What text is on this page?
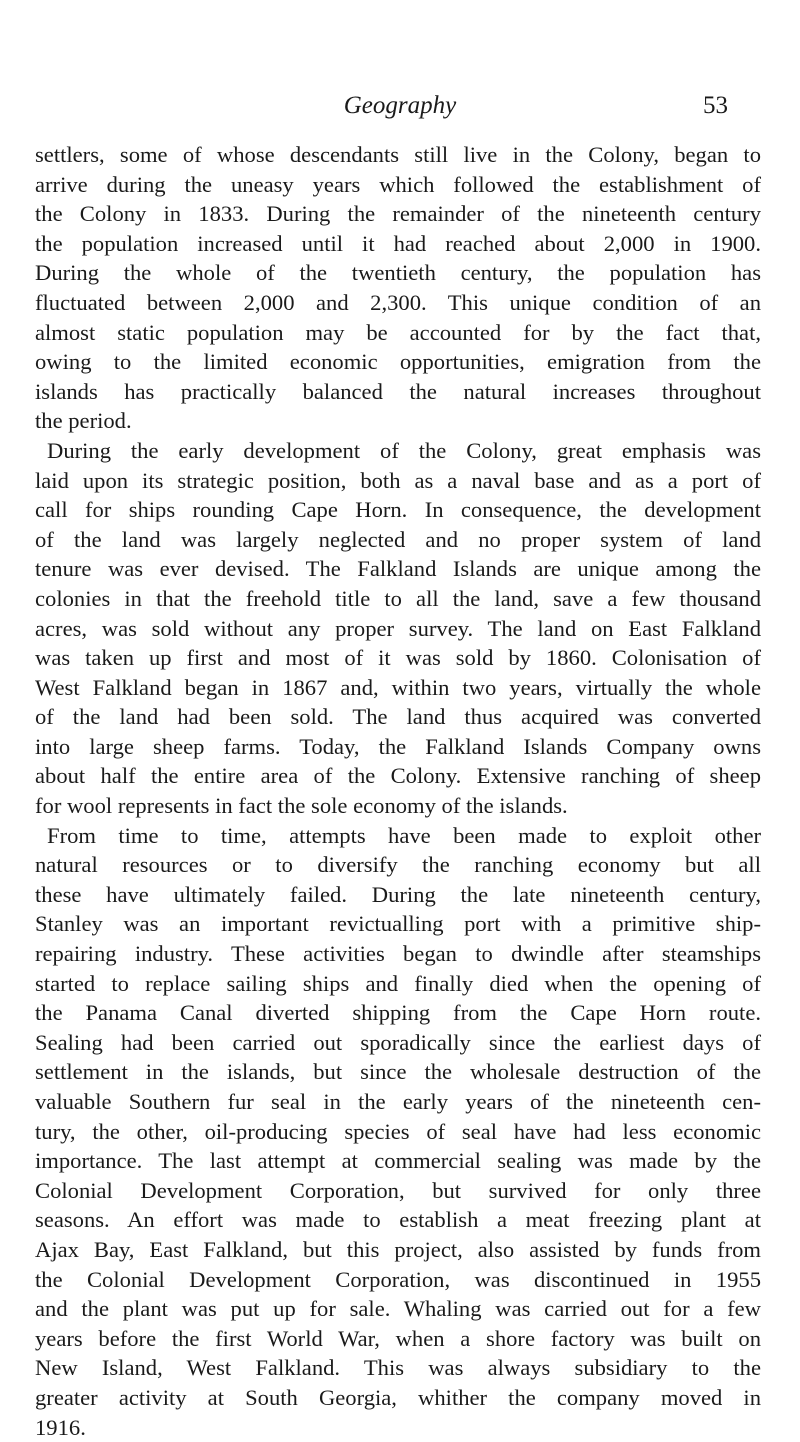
Geography	53
settlers, some of whose descendants still live in the Colony, began to
arrive during the uneasy years which followed the establishment of
the Colony in 1833. During the remainder of the nineteenth century
the population increased until it had reached about 2,000 in 1900.
During the whole of the twentieth century, the population has
fluctuated between 2,000 and 2,300. This unique condition of an
almost static population may be accounted for by the fact that,
owing to the limited economic opportunities, emigration from the
islands has practically balanced the natural increases throughout
the period.
During the early development of the Colony, great emphasis was
laid upon its strategic position, both as a naval base and as a port of
call for ships rounding Cape Horn. In consequence, the development
of the land was largely neglected and no proper system of land
tenure was ever devised. The Falkland Islands are unique among the
colonies in that the freehold title to all the land, save a few thousand
acres, was sold without any proper survey. The land on East Falkland
was taken up first and most of it was sold by 1860. Colonisation of
West Falkland began in 1867 and, within two years, virtually the whole
of the land had been sold. The land thus acquired was converted
into large sheep farms. Today, the Falkland Islands Company owns
about half the entire area of the Colony. Extensive ranching of sheep
for wool represents in fact the sole economy of the islands.
From time to time, attempts have been made to exploit other
natural resources or to diversify the ranching economy but all
these have ultimately failed. During the late nineteenth century,
Stanley was an important revictualling port with a primitive ship-
repairing industry. These activities began to dwindle after steamships
started to replace sailing ships and finally died when the opening of
the Panama Canal diverted shipping from the Cape Horn route.
Sealing had been carried out sporadically since the earliest days of
settlement in the islands, but since the wholesale destruction of the
valuable Southern fur seal in the early years of the nineteenth cen-
tury, the other, oil-producing species of seal have had less economic
importance. The last attempt at commercial sealing was made by the
Colonial Development Corporation, but survived for only three
seasons. An effort was made to establish a meat freezing plant at
Ajax Bay, East Falkland, but this project, also assisted by funds from
the Colonial Development Corporation, was discontinued in 1955
and the plant was put up for sale. Whaling was carried out for a few
years before the first World War, when a shore factory was built on
New Island, West Falkland. This was always subsidiary to the
greater activity at South Georgia, whither the company moved in
1916.
